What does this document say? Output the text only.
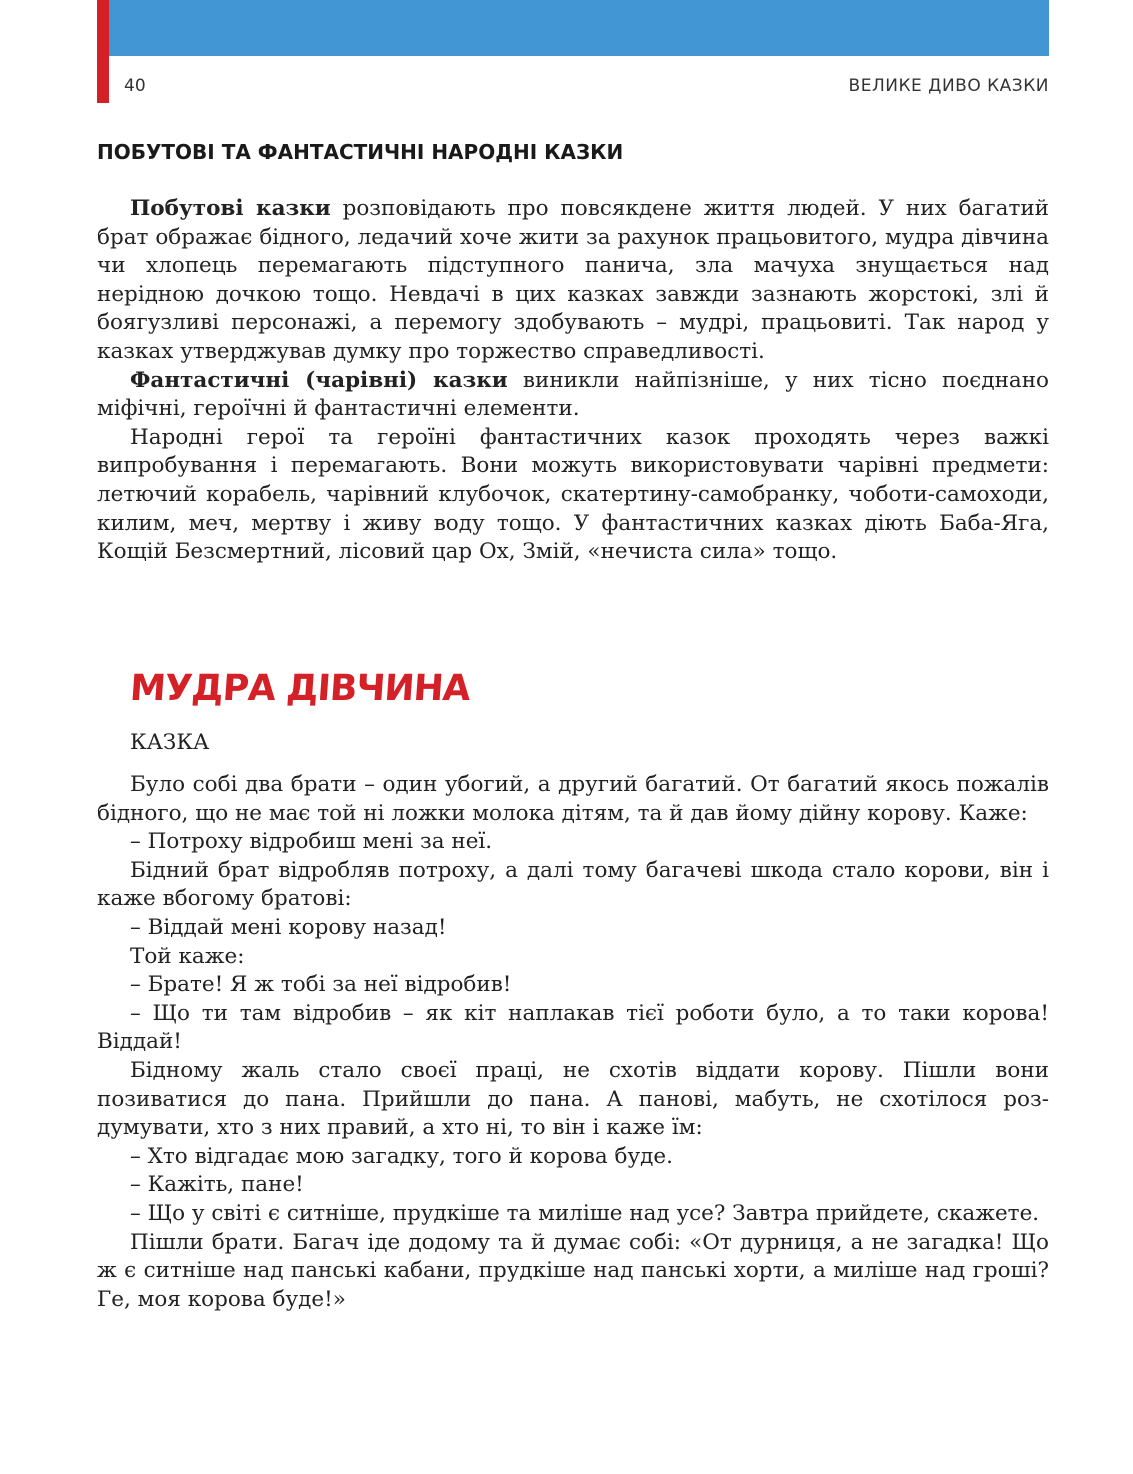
40	ВЕЛИКЕ ДИВО КАЗКИ
ПОБУТОВІ ТА ФАНТАСТИЧНІ НАРОДНІ КАЗКИ

Побутові казки розповідають про повсякдене життя людей. У них багатий брат ображає бідного, ледачий хоче жити за рахунок працьовитого, мудра дівчина чи хлопець перемагають підступного панича, зла мачуха знущається над нерідною дочкою тощо. Невдачі в цих казках завжди зазнають жорстокі, злі й боягузливі персонажі, а перемогу здобувають – мудрі, працьовиті. Так народ у казках утверджував думку про торжество справедливості.

Фантастичні (чарівні) казки виникли найпізніше, у них тісно поєднано міфічні, героїчні й фантастичні елементи.

Народні герої та героїні фантастичних казок проходять через важкі випробування і перемагають. Вони можуть використовувати чарівні предмети: летючий корабель, чарівний клубочок, скатертину-самобранку, чоботи-самоходи, килим, меч, мертву і живу воду тощо. У фантастичних казках діють Баба-Яга, Кощій Безсмертний, лісовий цар Ох, Змій, «нечиста сила» тощо.

МУДРА ДІВЧИНА
КАЗКА

Було собі два брати – один убогий, а другий багатий. От багатий якось пожалів бідного, що не має той ні ложки молока дітям, та й дав йому дійну корову. Каже:

– Потроху відробиш мені за неї.

Бідний брат відробляв потроху, а далі тому багачеві шкода стало корови, він і каже вбогому братові:

– Віддай мені корову назад!

Той каже:

– Брате! Я ж тобі за неї відробив!

– Що ти там відробив – як кіт наплакав тієї роботи було, а то таки корова! Віддай!

Бідному жаль стало своєї праці, не схотів віддати корову. Пішли вони позиватися до пана. Прийшли до пана. А панові, мабуть, не схотілося роздумувати, хто з них правий, а хто ні, то він і каже їм:

– Хто відгадає мою загадку, того й корова буде.

– Кажіть, пане!

– Що у світі є ситніше, прудкіше та миліше над усе? Завтра прийдете, скажете.

Пішли брати. Багач іде додому та й думає собі: «От дурниця, а не загадка! Що ж є ситніше над панські кабани, прудкіше над панські хорти, а миліше над гроші? Ге, моя корова буде!»
